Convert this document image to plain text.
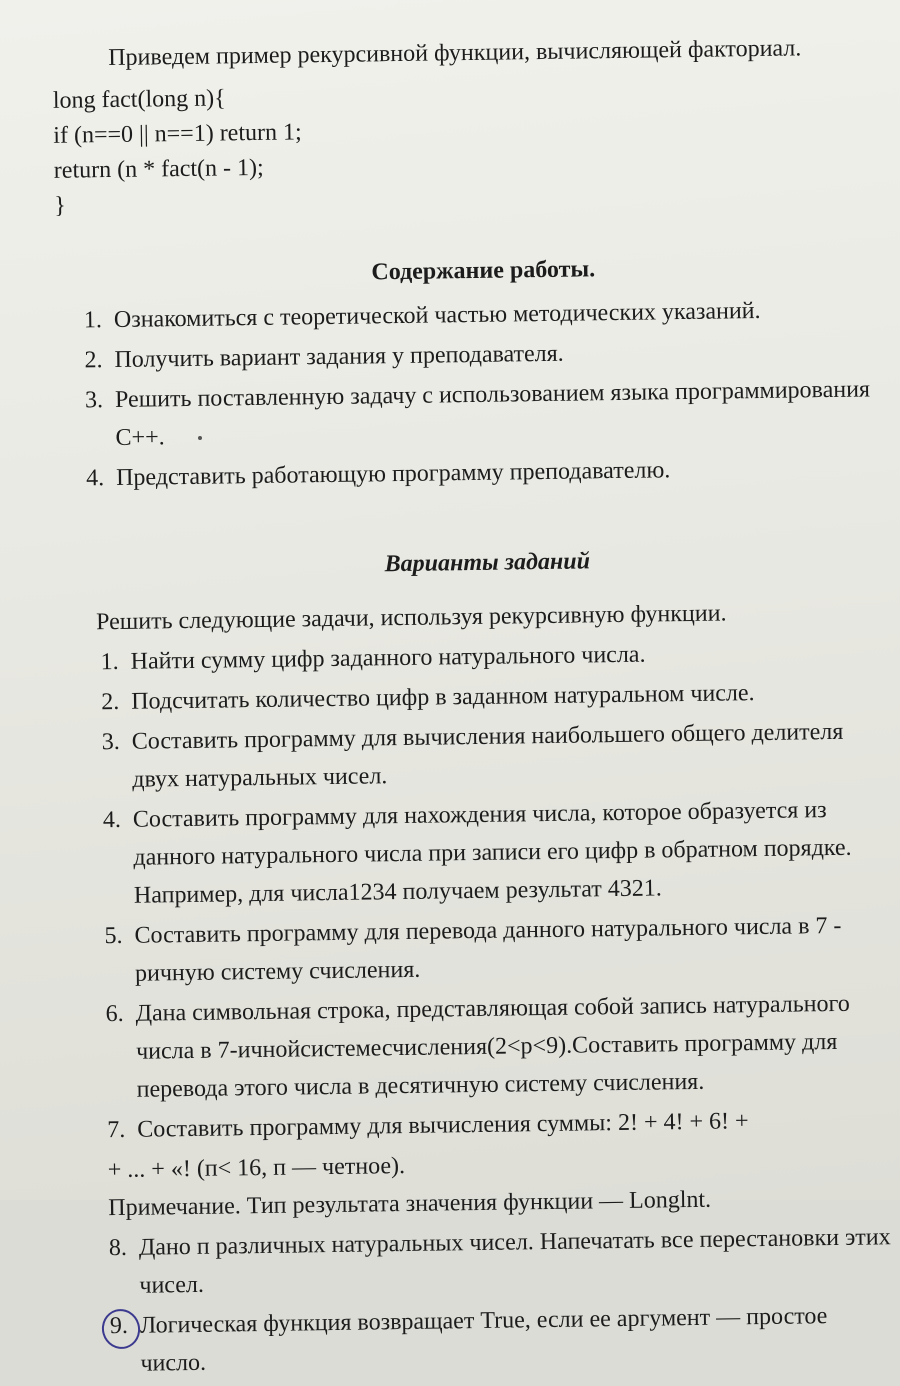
Приведем пример рекурсивной функции, вычисляющей факториал.

long fact(long n){
if (n==0 || n==1) return 1;
return (n * fact(n - 1);
}
Содержание работы.
1. Ознакомиться с теоретической частью методических указаний.
2. Получить вариант задания у преподавателя.
3. Решить поставленную задачу с использованием языка программирования C++.
4. Представить работающую программу преподавателю.
Варианты заданий
Решить следующие задачи, используя рекурсивную функции.
1. Найти сумму цифр заданного натурального числа.
2. Подсчитать количество цифр в заданном натуральном числе.
3. Составить программу для вычисления наибольшего общего делителя двух натуральных чисел.
4. Составить программу для нахождения числа, которое образуется из данного натурального числа при записи его цифр в обратном порядке. Например, для числа1234 получаем результат 4321.
5. Составить программу для перевода данного натурального числа в 7 - ричную систему счисления.
6. Дана символьная строка, представляющая собой запись натурального числа в 7-ичнойсистемесчисления(2<p<9).Составить программу для перевода этого числа в десятичную систему счисления.
7. Составить программу для вычисления суммы: 2! + 4! + 6! +
+ ... + «! (п< 16, п — четное).
Примечание. Тип результата значения функции — Longlnt.
8. Дано п различных натуральных чисел. Напечатать все перестановки этих чисел.
9. Логическая функция возвращает True, если ее аргумент — простое число.
